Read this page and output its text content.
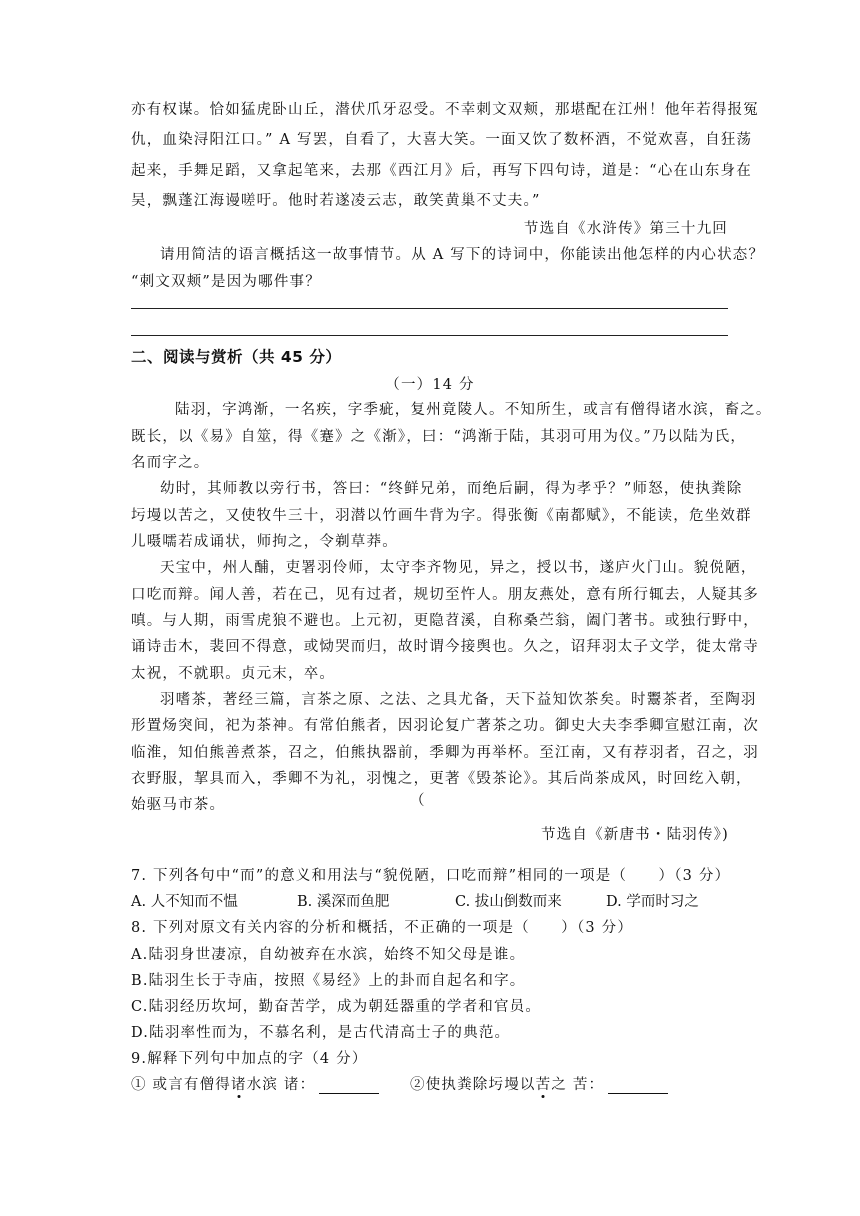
亦有权谋。恰如猛虎卧山丘，潜伏爪牙忍受。不幸刺文双颊，那堪配在江州！他年若得报冤
仇，血染浔阳江口。” A 写罢，自看了，大喜大笑。一面又饮了数杯酒，不觉欢喜，自狂荡
起来，手舞足蹈，又拿起笔来，去那《西江月》后，再写下四句诗，道是：“心在山东身在
吴，飘蓬江海谩嗟吁。他时若遂凌云志，敢笑黄巢不丈夫。”
节选自《水浒传》第三十九回
请用简洁的语言概括这一故事情节。从 A 写下的诗词中，你能读出他怎样的内心状态？
“刺文双颊”是因为哪件事？
二、阅读与赏析（共 45 分）
（一）14 分
陆羽，字鸿渐，一名疾，字季疵，复州竟陵人。不知所生，或言有僧得诸水滨，畜之。
既长，以《易》自筮，得《蹇》之《渐》，曰：“鸿渐于陆，其羽可用为仪。”乃以陆为氏，
名而字之。
幼时，其师教以旁行书，答曰：“终鲜兄弟，而绝后嗣，得为孝乎？”师怒，使执粪除
圬墁以苦之，又使牧牛三十，羽潜以竹画牛背为字。得张衡《南都赋》，不能读，危坐效群
儿嗫嚅若成诵状，师拘之，令剃草莽。
天宝中，州人酺，吏署羽伶师，太守李齐物见，异之，授以书，遂庐火门山。貌侻陋，
口吃而辩。闻人善，若在己，见有过者，规切至忤人。朋友燕处，意有所行辄去，人疑其多
嗔。与人期，雨雪虎狼不避也。上元初，更隐苕溪，自称桑苎翁，阖门著书。或独行野中，
诵诗击木，裴回不得意，或恸哭而归，故时谓今接舆也。久之，诏拜羽太子文学，徙太常寺
太祝，不就职。贞元末，卒。
羽嗜茶，著经三篇，言茶之原、之法、之具尤备，天下益知饮茶矣。时鬻茶者，至陶羽
形置炀突间，祀为茶神。有常伯熊者，因羽论复广著茶之功。御史大夫李季卿宣慰江南，次
临淮，知伯熊善煮茶，召之，伯熊执器前，季卿为再举杯。至江南，又有荐羽者，召之，羽
衣野服，挈具而入，季卿不为礼，羽愧之，更著《毁茶论》。其后尚茶成风，时回纥入朝，
始驱马市茶。	（
节选自《新唐书・陆羽传》)
7. 下列各句中“而”的意义和用法与“貌侻陋，口吃而辩”相同的一项是（　　）（3 分）
A. 人不知而不愠	B. 溪深而鱼肥	C. 拔山倒数而来	D. 学而时习之
8. 下列对原文有关内容的分析和概括，不正确的一项是（　　）（3 分）
A.陆羽身世凄凉，自幼被弃在水滨，始终不知父母是谁。
B.陆羽生长于寺庙，按照《易经》上的卦而自起名和字。
C.陆羽经历坎坷，勤奋苦学，成为朝廷器重的学者和官员。
D.陆羽率性而为，不慕名利，是古代清高士子的典范。
9.解释下列句中加点的字（4 分）
① 或言有僧得诸水滨 诸：	②使执粪除圬墁以苦之 苦：
